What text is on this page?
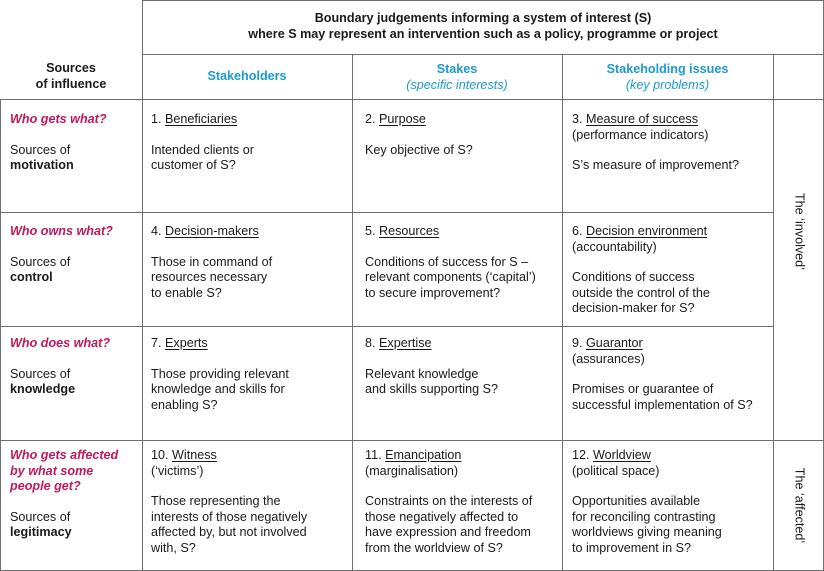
Boundary judgements informing a system of interest (S)
where S may represent an intervention such as a policy, programme or project
Sources
of influence
Stakeholders	Stakes
(specific interests)
Stakeholding issues
(key problems)
The ‘involved’
The ‘affected’
Who gets what?
Sources of
motivation
1. Beneficiaries
Intended clients or
customer of S?
2. Purpose
Key objective of S?
3. Measure of success
(performance indicators)
S’s measure of improvement?
Who owns what?
Sources of
control
4. Decision-makers
Those in command of
resources necessary
to enable S?
5. Resources
Conditions of success for S –
relevant components (‘capital’)
to secure improvement?
6. Decision environment
(accountability)
Conditions of success
outside the control of the
decision-maker for S?
Who does what?
Sources of
knowledge
7. Experts
Those providing relevant
knowledge and skills for
enabling S?
8. Expertise
Relevant knowledge
and skills supporting S?
9. Guarantor
(assurances)
Promises or guarantee of
successful implementation of S?
Who gets affected
by what some
people get?
Sources of
legitimacy
10. Witness
(‘victims’)
Those representing the
interests of those negatively
affected by, but not involved
with, S?
11. Emancipation
(marginalisation)
Constraints on the interests of
those negatively affected to
have expression and freedom
from the worldview of S?
12. Worldview
(political space)
Opportunities available
for reconciling contrasting
worldviews giving meaning
to improvement in S?
